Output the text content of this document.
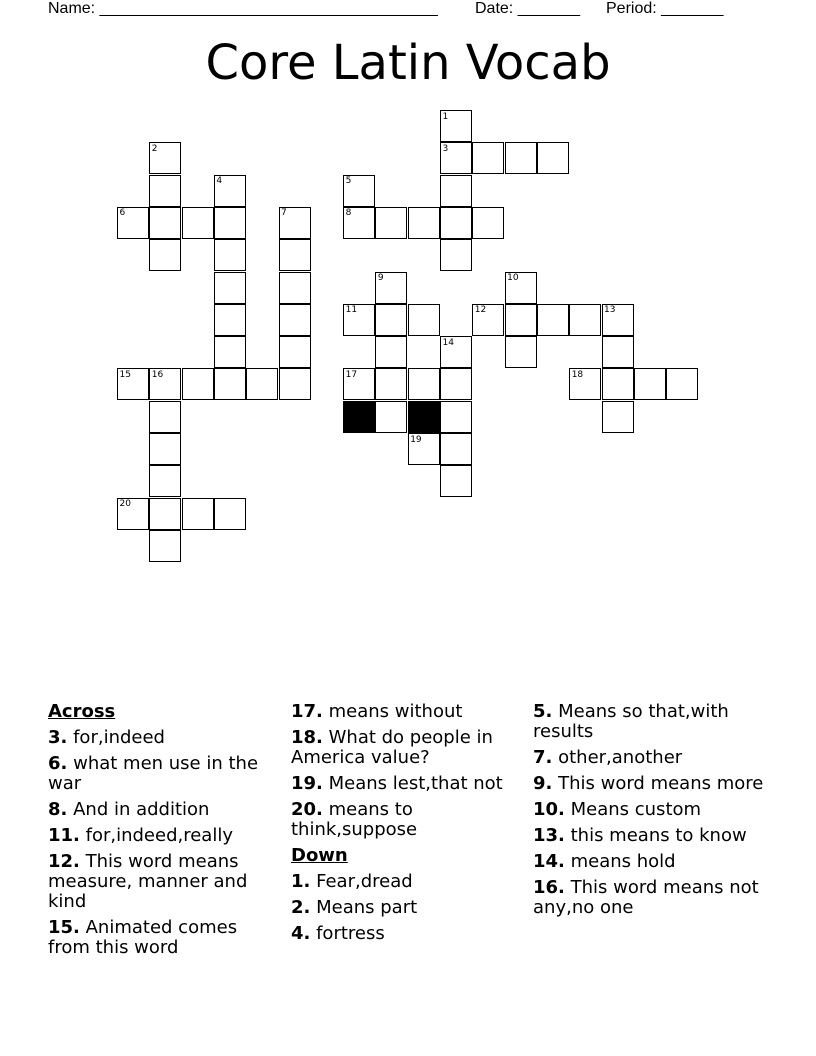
Name: ______________________________________ Date: _______ Period: _______
Core Latin Vocab
1
2	3
4	5
6	7	8
9	10
11	12	13
14
15 16	17	18
19
20
Across
3. for,indeed
6. what men use in the war
8. And in addition
11. for,indeed,really
12. This word means measure, manner and kind
15. Animated comes from this word
17. means without
18. What do people in America value?
19. Means lest,that not
20. means to think,suppose
Down
1. Fear,dread
2. Means part
4. fortress
5. Means so that,with results
7. other,another
9. This word means more
10. Means custom
13. this means to know
14. means hold
16. This word means not any,no one
